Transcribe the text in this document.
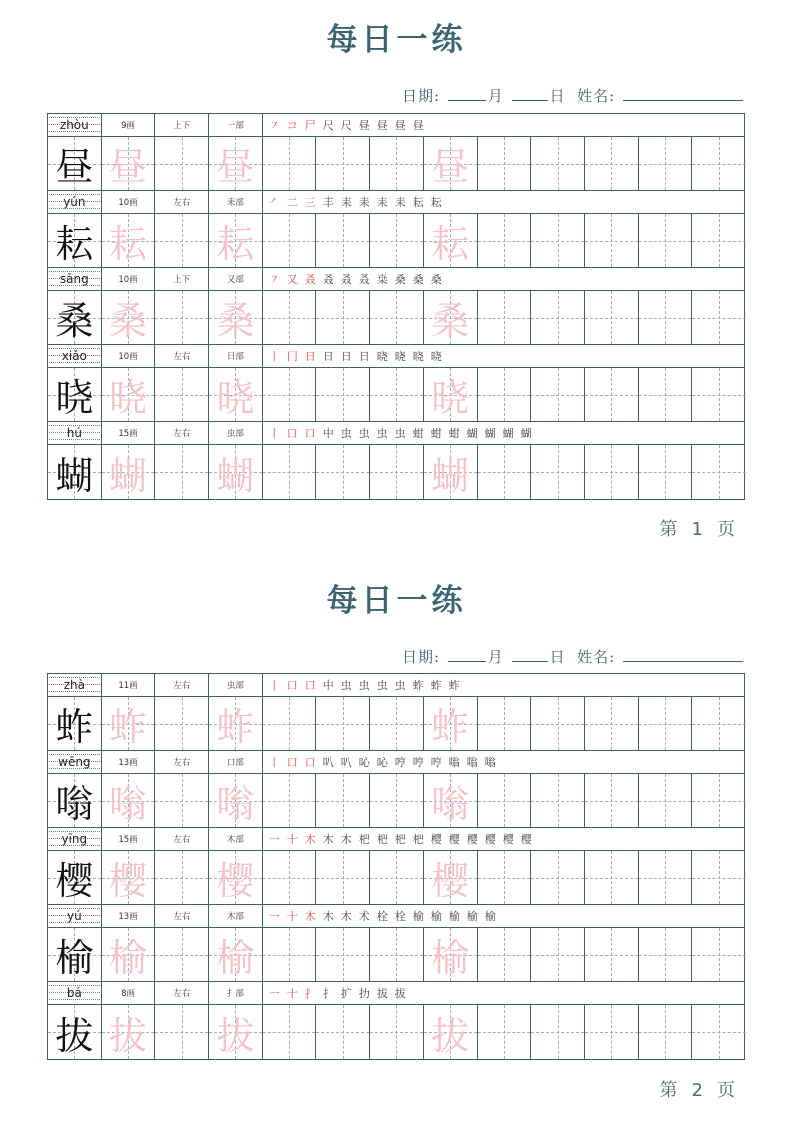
每日一练
日期:	月	日 姓名:
zhòu	9画	上下	一部	㇇ コ 尸 尺 尺 昼 昼 昼 昼
昼 昼 昼	昼
yún	10画	左右	耒部	㇒ 二 三 丰 耒 耒 耒 耒 耘 耘
耘 耘 耘	耘
sāng	10画	上下	又部	㇇ 又 叒 叒 叒 叒 桒 桑 桑 桑
桑 桑 桑	桑
xiǎo	10画	左右	日部	丨 冂 日 日 日 日 晓 晓 晓 晓
晓 晓 晓	晓
hú	15画	左右	虫部	丨 口 口 中 虫 虫 虫 虫 蚶 蚶 蚶 蝴 蝴 蝴 蝴
蝴 蝴 蝴	蝴
第 1 页
每日一练
日期:	月	日 姓名:
zhà	11画	左右	虫部	丨 口 口 中 虫 虫 虫 虫 蚱 蚱 蚱
蚱 蚱 蚱	蚱
wēng	13画	左右	口部	丨 口 口 叭 叭 吣 吣 哼 哼 哼 嗡 嗡 嗡
嗡 嗡 嗡	嗡
yīng	15画	左右	木部	一 十 木 木 木 杷 杷 杷 杷 樱 樱 樱 樱 樱 樱
樱 樱 樱	樱
yú	13画	左右	木部	一 十 木 木 木 术 栓 栓 榆 榆 榆 榆 榆
榆 榆 榆	榆
bá	8画	左右	扌部	一 十 扌 扌 扩 扐 拔 拔
拔 拔 拔	拔
第 2 页
